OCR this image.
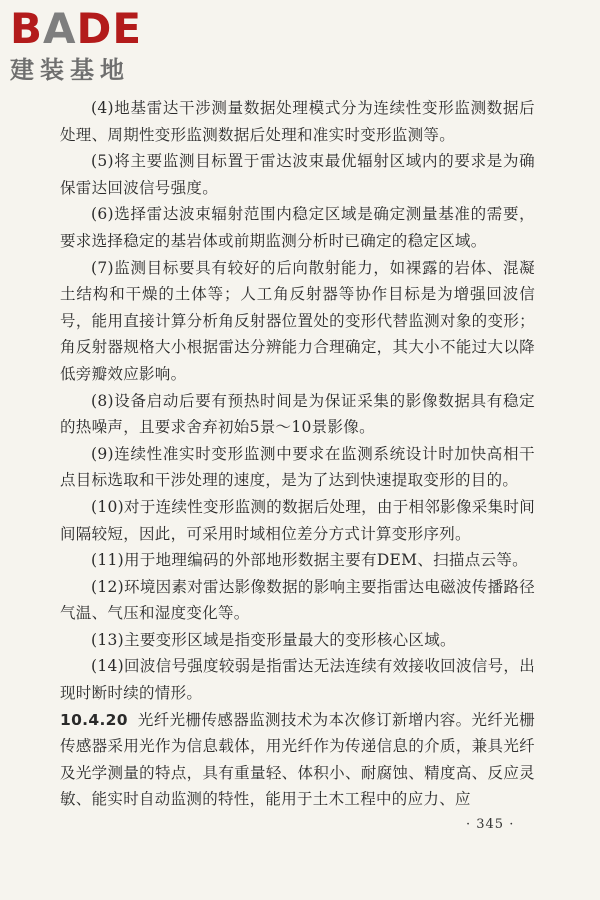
BADE
建装基地

(4)地基雷达干涉测量数据处理模式分为连续性变形监测数据后处理、周期性变形监测数据后处理和准实时变形监测等。

(5)将主要监测目标置于雷达波束最优辐射区域内的要求是为确保雷达回波信号强度。

(6)选择雷达波束辐射范围内稳定区域是确定测量基准的需要，要求选择稳定的基岩体或前期监测分析时已确定的稳定区域。

(7)监测目标要具有较好的后向散射能力，如裸露的岩体、混凝土结构和干燥的土体等；人工角反射器等协作目标是为增强回波信号，能用直接计算分析角反射器位置处的变形代替监测对象的变形；角反射器规格大小根据雷达分辨能力合理确定，其大小不能过大以降低旁瓣效应影响。

(8)设备启动后要有预热时间是为保证采集的影像数据具有稳定的热噪声，且要求舍弃初始5景～10景影像。

(9)连续性准实时变形监测中要求在监测系统设计时加快高相干点目标选取和干涉处理的速度，是为了达到快速提取变形的目的。

(10)对于连续性变形监测的数据后处理，由于相邻影像采集时间间隔较短，因此，可采用时域相位差分方式计算变形序列。

(11)用于地理编码的外部地形数据主要有DEM、扫描点云等。

(12)环境因素对雷达影像数据的影响主要指雷达电磁波传播路径气温、气压和湿度变化等。

(13)主要变形区域是指变形量最大的变形核心区域。

(14)回波信号强度较弱是指雷达无法连续有效接收回波信号，出现时断时续的情形。

10.4.20 光纤光栅传感器监测技术为本次修订新增内容。光纤光栅传感器采用光作为信息载体，用光纤作为传递信息的介质，兼具光纤及光学测量的特点，具有重量轻、体积小、耐腐蚀、精度高、反应灵敏、能实时自动监测的特性，能用于土木工程中的应力、应

· 345 ·
